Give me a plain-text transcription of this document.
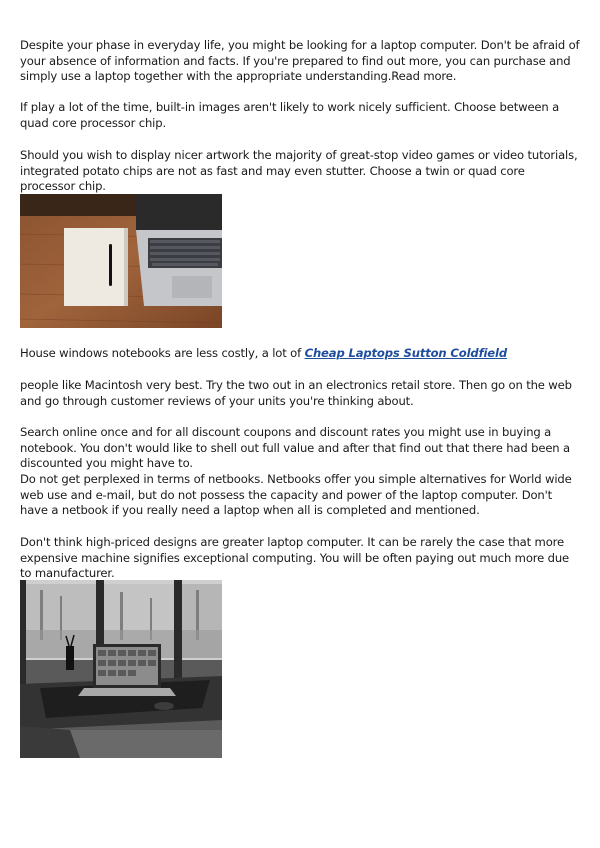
Despite your phase in everyday life, you might be looking for a laptop computer. Don't be afraid of your absence of information and facts. If you're prepared to find out more, you can purchase and simply use a laptop together with the appropriate understanding.Read more.

If play a lot of the time, built-in images aren't likely to work nicely sufficient. Choose between a quad core processor chip.

Should you wish to display nicer artwork the majority of great-stop video games or video tutorials, integrated potato chips are not as fast and may even stutter. Choose a twin or quad core processor chip.

House windows notebooks are less costly, a lot of Cheap Laptops Sutton Coldfield

people like Macintosh very best. Try the two out in an electronics retail store. Then go on the web and go through customer reviews of your units you're thinking about.

Search online once and for all discount coupons and discount rates you might use in buying a notebook. You don't would like to shell out full value and after that find out that there had been a discounted you might have to.

Do not get perplexed in terms of netbooks. Netbooks offer you simple alternatives for World wide web use and e-mail, but do not possess the capacity and power of the laptop computer. Don't have a netbook if you really need a laptop when all is completed and mentioned.

Don't think high-priced designs are greater laptop computer. It can be rarely the case that more expensive machine signifies exceptional computing. You will be often paying out much more due to manufacturer.
